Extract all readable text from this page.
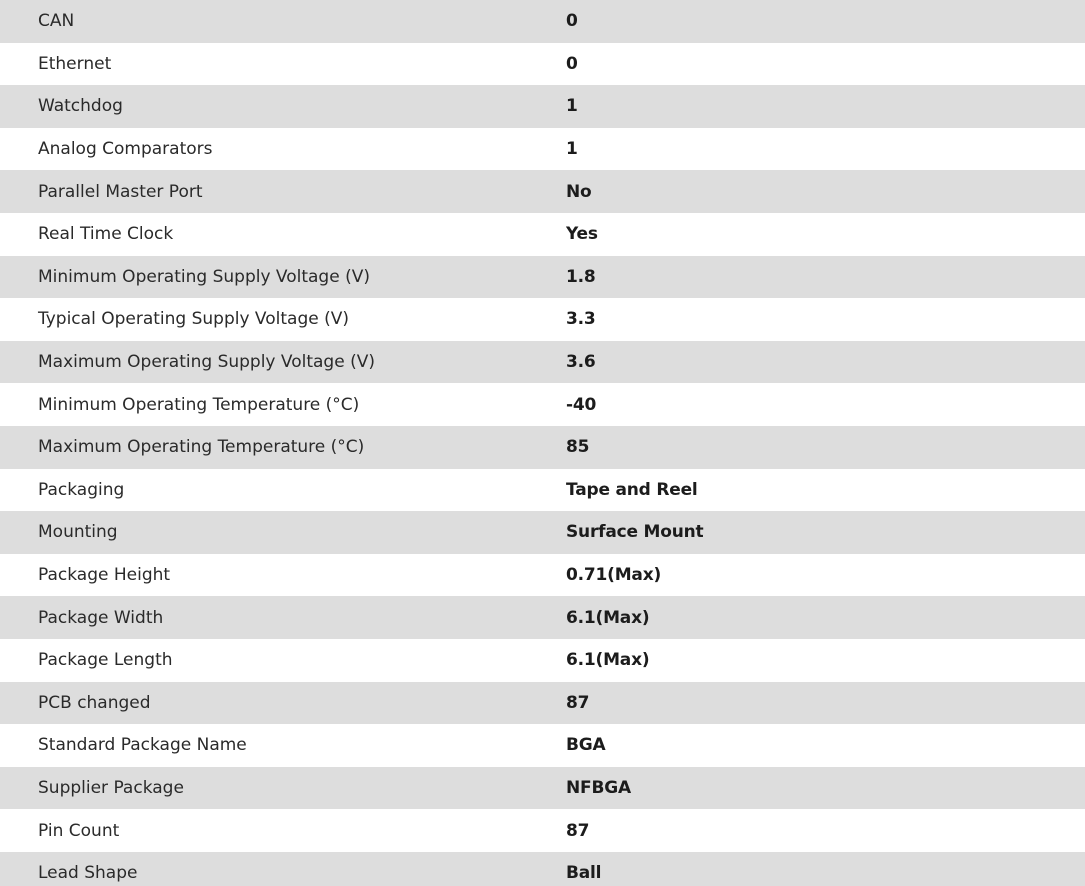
CAN	0
Ethernet	0
Watchdog	1
Analog Comparators	1
Parallel Master Port	No
Real Time Clock	Yes
Minimum Operating Supply Voltage (V)	1.8
Typical Operating Supply Voltage (V)	3.3
Maximum Operating Supply Voltage (V)	3.6
Minimum Operating Temperature (°C)	-40
Maximum Operating Temperature (°C)	85
Packaging	Tape and Reel
Mounting	Surface Mount
Package Height	0.71(Max)
Package Width	6.1(Max)
Package Length	6.1(Max)
PCB changed	87
Standard Package Name	BGA
Supplier Package	NFBGA
Pin Count	87
Lead Shape	Ball
